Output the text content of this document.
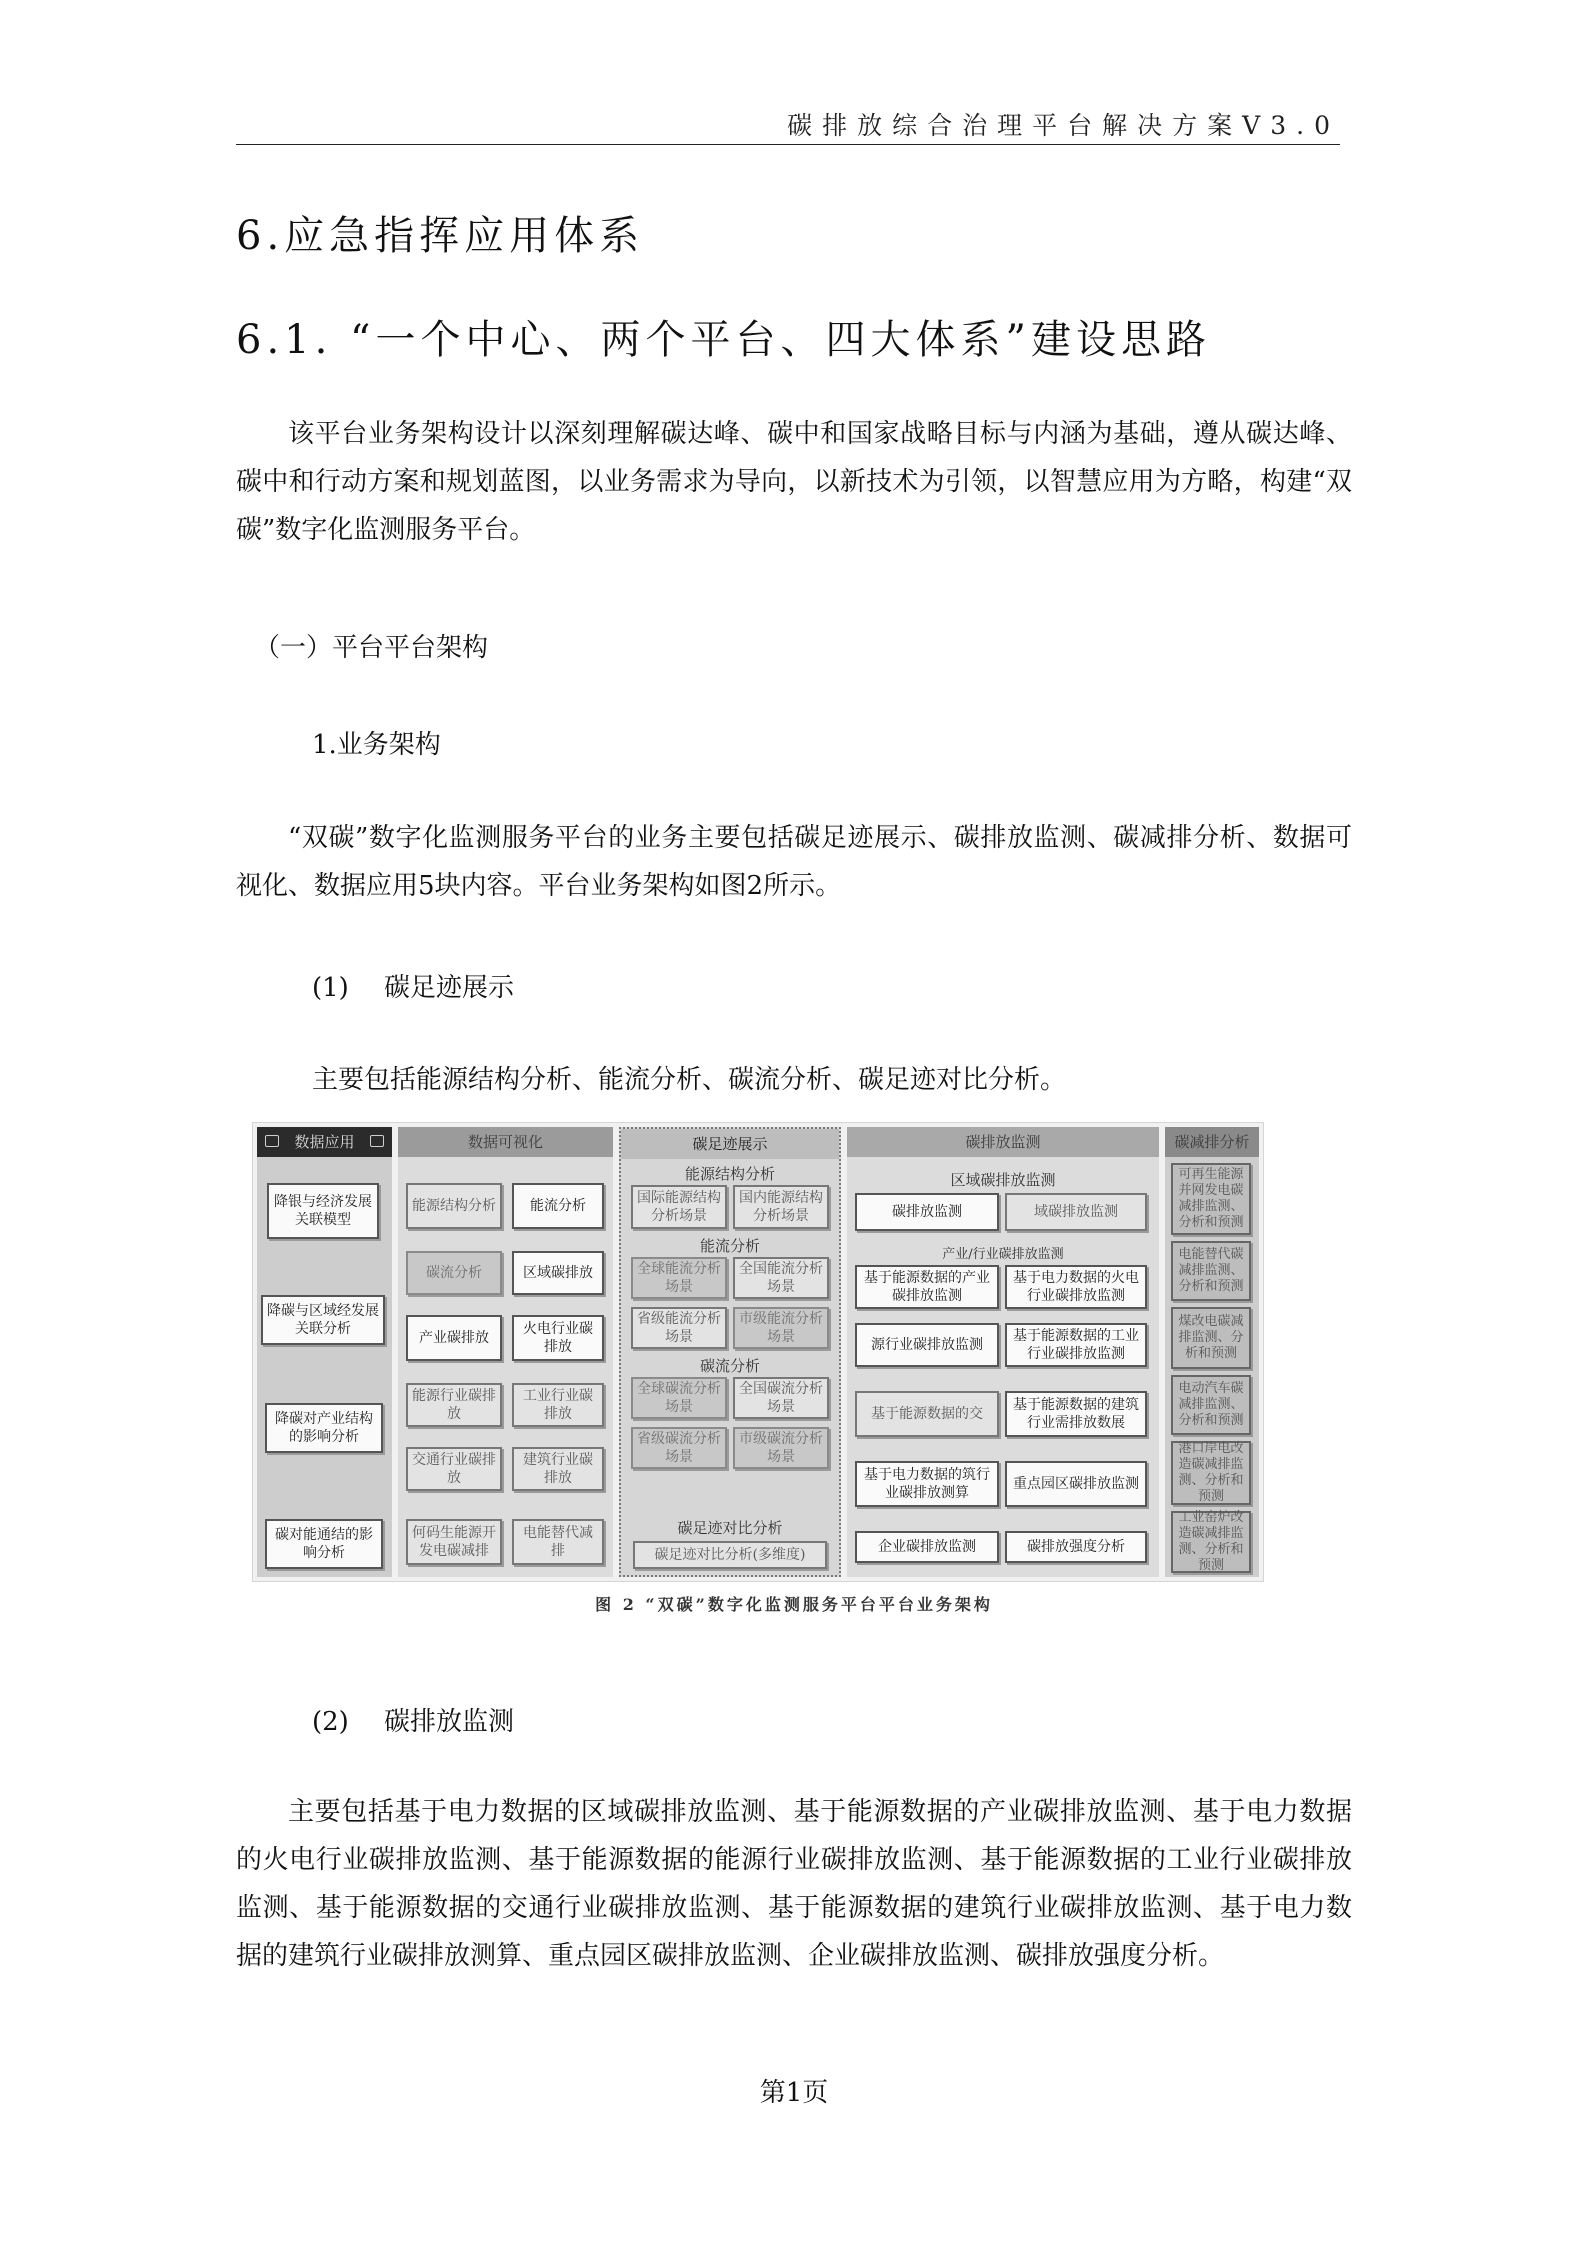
碳排放综合治理平台解决方案V3.0
6.应急指挥应用体系
6.1. “一个中心、两个平台、四大体系”建设思路

该平台业务架构设计以深刻理解碳达峰、碳中和国家战略目标与内涵为基础，遵从碳达峰、碳中和行动方案和规划蓝图，以业务需求为导向，以新技术为引领，以智慧应用为方略，构建“双碳”数字化监测服务平台。

（一）平台平台架构
1.业务架构

“双碳”数字化监测服务平台的业务主要包括碳足迹展示、碳排放监测、碳减排分析、数据可视化、数据应用5块内容。平台业务架构如图2所示。

(1) 碳足迹展示
主要包括能源结构分析、能流分析、碳流分析、碳足迹对比分析。
数据应用
降银与经济发展关联模型
降碳与区域经发展关联分析
降碳对产业结构的影响分析
碳对能通结的影响分析
数据可视化
能源结构分析	能流分析
碳流分析	区域碳排放
产业碳排放
火电行业碳排放
能源行业碳排放
工业行业碳排放
交通行业碳排放
建筑行业碳排放
何码生能源开发电碳减排
电能替代减排
碳足迹展示
能源结构分析
国际能源结构分析场景
国内能源结构分析场景
能流分析
全球能流分析场景
全国能流分析场景
省级能流分析场景
市级能流分析场景
碳流分析
全球碳流分析场景
全国碳流分析场景
省级碳流分析场景
市级碳流分析场景
碳足迹对比分析
碳足迹对比分析(多维度)
碳排放监测
区域碳排放监测
碳排放监测	域碳排放监测
产业/行业碳排放监测
基于能源数据的产业碳排放监测
基于电力数据的火电行业碳排放监测
源行业碳排放监测
基于能源数据的工业行业碳排放监测
基于能源数据的交
基于能源数据的建筑行业需排放数展
基于电力数据的筑行业碳排放测算
重点园区碳排放监测
企业碳排放监测	碳排放强度分析
碳减排分析
可再生能源并网发电碳减排监测、分析和预测
电能替代碳减排监测、分析和预测
煤改电碳减排监测、分析和预测
电动汽车碳减排监测、分析和预测
港口岸电改造碳减排监测、分析和预测
工业窑炉改造碳减排监测、分析和预测
图 2 “双碳”数字化监测服务平台平台业务架构
(2) 碳排放监测

主要包括基于电力数据的区域碳排放监测、基于能源数据的产业碳排放监测、基于电力数据的火电行业碳排放监测、基于能源数据的能源行业碳排放监测、基于能源数据的工业行业碳排放监测、基于能源数据的交通行业碳排放监测、基于能源数据的建筑行业碳排放监测、基于电力数据的建筑行业碳排放测算、重点园区碳排放监测、企业碳排放监测、碳排放强度分析。

第1页
